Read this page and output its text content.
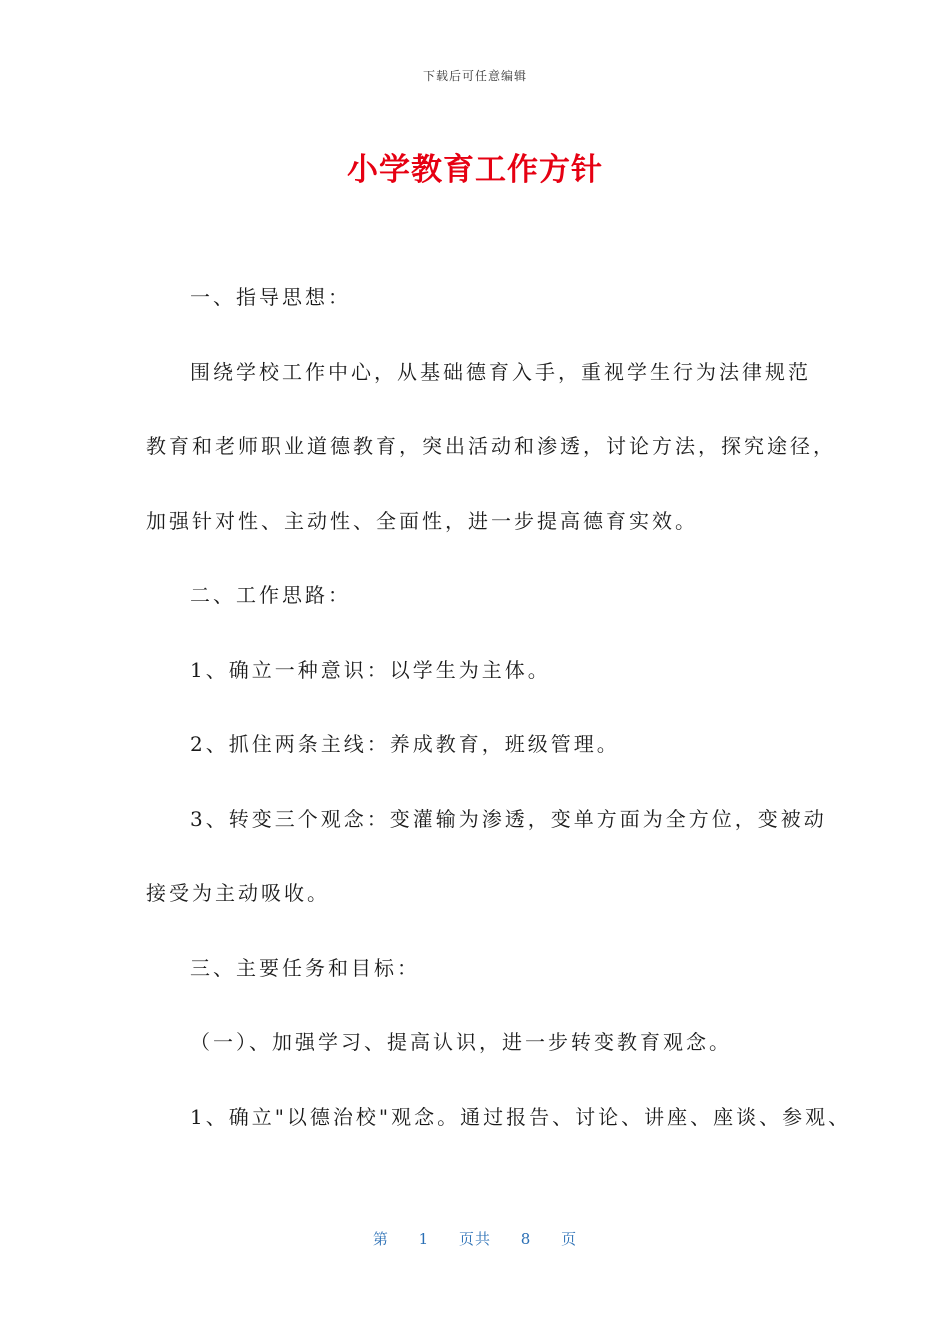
下载后可任意编辑
小学教育工作方针
一、指导思想：
围绕学校工作中心，从基础德育入手，重视学生行为法律规范
教育和老师职业道德教育，突出活动和渗透，讨论方法，探究途径，
加强针对性、主动性、全面性，进一步提高德育实效。
二、工作思路：
1、确立一种意识：以学生为主体。
2、抓住两条主线：养成教育，班级管理。
3、转变三个观念：变灌输为渗透，变单方面为全方位，变被动
接受为主动吸收。
三、主要任务和目标：
（一）、加强学习、提高认识，进一步转变教育观念。
1、确立"以德治校"观念。通过报告、讨论、讲座、座谈、参观、
第 1 页共 8 页
